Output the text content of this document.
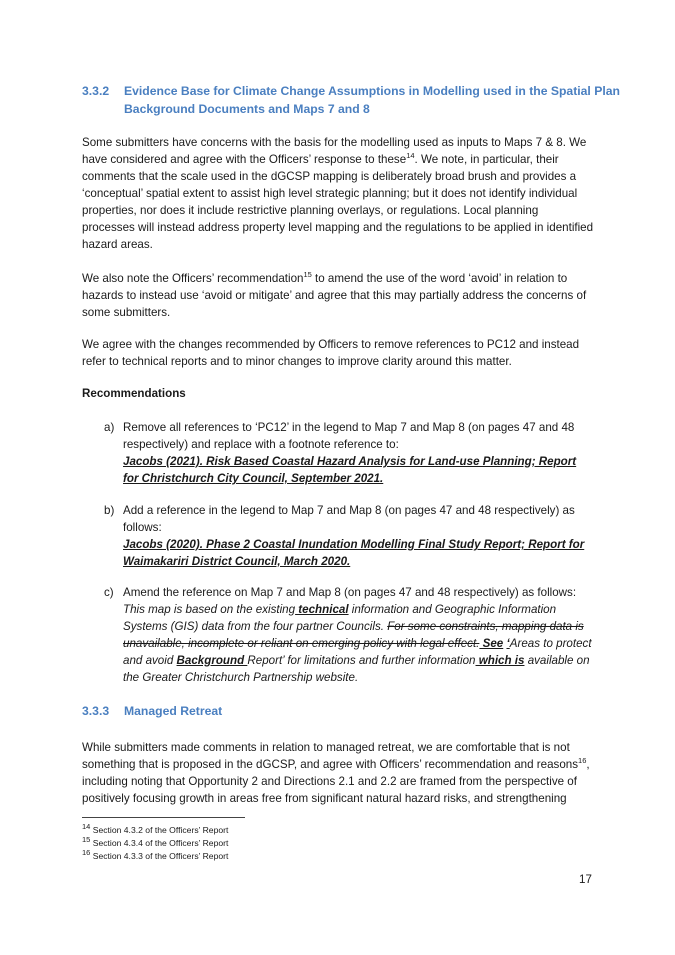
3.3.2 Evidence Base for Climate Change Assumptions in Modelling used in the Spatial Plan Background Documents and Maps 7 and 8

Some submitters have concerns with the basis for the modelling used as inputs to Maps 7 & 8. We have considered and agree with the Officers’ response to these$^{14}$. We note, in particular, their comments that the scale used in the dGCSP mapping is deliberately broad brush and provides a ‘conceptual’ spatial extent to assist high level strategic planning; but it does not identify individual properties, nor does it include restrictive planning overlays, or regulations. Local planning processes will instead address property level mapping and the regulations to be applied in identified hazard areas.

We also note the Officers’ recommendation$^{15}$ to amend the use of the word ‘avoid’ in relation to hazards to instead use ‘avoid or mitigate’ and agree that this may partially address the concerns of some submitters.

We agree with the changes recommended by Officers to remove references to PC12 and instead refer to technical reports and to minor changes to improve clarity around this matter.

Recommendations

a) Remove all references to ‘PC12’ in the legend to Map 7 and Map 8 (on pages 47 and 48 respectively) and replace with a footnote reference to:
Jacobs (2021). Risk Based Coastal Hazard Analysis for Land-use Planning; Report for Christchurch City Council, September 2021.
b) Add a reference in the legend to Map 7 and Map 8 (on pages 47 and 48 respectively) as follows:
Jacobs (2020). Phase 2 Coastal Inundation Modelling Final Study Report; Report for Waimakariri District Council, March 2020.
c) Amend the reference on Map 7 and Map 8 (on pages 47 and 48 respectively) as follows:
This map is based on the existing technical information and Geographic Information Systems (GIS) data from the four partner Councils. For some constraints, mapping data is unavailable, incomplete or reliant on emerging policy with legal effect. See ‘Areas to protect and avoid Background Report’ for limitations and further information which is available on the Greater Christchurch Partnership website.
3.3.3 Managed Retreat

While submitters made comments in relation to managed retreat, we are comfortable that is not something that is proposed in the dGCSP, and agree with Officers’ recommendation and reasons$^{16}$, including noting that Opportunity 2 and Directions 2.1 and 2.2 are framed from the perspective of positively focusing growth in areas free from significant natural hazard risks, and strengthening

14 Section 4.3.2 of the Officers’ Report
15 Section 4.3.4 of the Officers’ Report
16 Section 4.3.3 of the Officers’ Report
17
